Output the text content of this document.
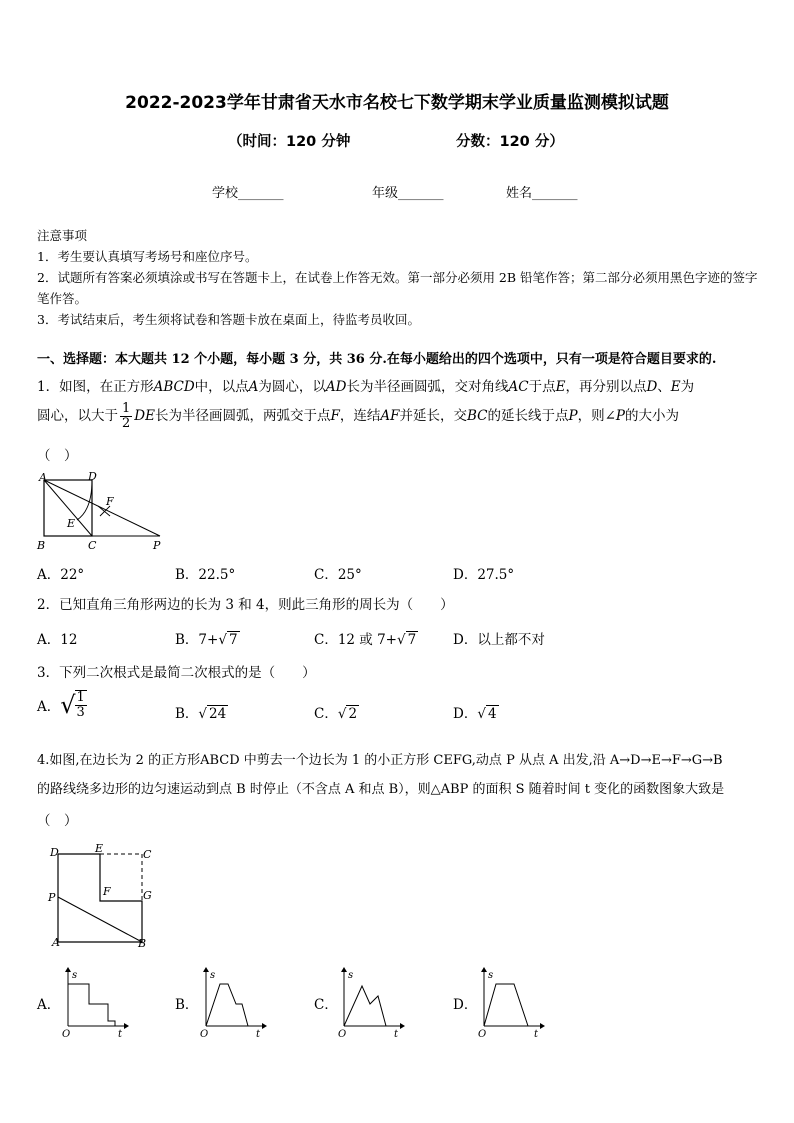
2022-2023学年甘肃省天水市名校七下数学期末学业质量监测模拟试题
（时间：120 分钟	分数：120 分）
学校_______	年级_______	姓名_______
注意事项
1．考生要认真填写考场号和座位序号。
2．试题所有答案必须填涂或书写在答题卡上，在试卷上作答无效。第一部分必须用 2B 铅笔作答；第二部分必须用黑色字迹的签字笔作答。
3．考试结束后，考生须将试卷和答题卡放在桌面上，待监考员收回。
一、选择题：本大题共 12 个小题，每小题 3 分，共 36 分.在每小题给出的四个选项中，只有一项是符合题目要求的.
1．如图，在正方形ABCD中，以点A为圆心，以AD长为半径画圆弧，交对角线AC于点E，再分别以点D、E为
圆心，以大于 $\frac{1}{2}$ DE长为半径画圆弧，两弧交于点F，连结AF并延长，交BC的延长线于点P，则∠P的大小为
（　）
A	D
F
E
B	C	P
A．22°	B．22.5°	C．25°	D．27.5°
2．已知直角三角形两边的长为 3 和 4，则此三角形的周长为（　　）
A．12	B．7+√ 7	C．12 或 7+√ 7	D．以上都不对
3．下列二次根式是最简二次根式的是（　　）
A．√ $\frac{1}{3}$	B．√ 24	C．√ 2	D．√ 4
4.如图,在边长为 2 的正方形ABCD 中剪去一个边长为 1 的小正方形 CEFG,动点 P 从点 A 出发,沿 A→D→E→F→G→B
的路线绕多边形的边匀速运动到点 B 时停止（不含点 A 和点 B），则△ABP 的面积 S 随着时间 t 变化的函数图象大致是
（　）
D	E	C
F	G
P
A	B
A．
s
O	t
B．
s
O	t
C．
s
O	t
D．
s
O	t
